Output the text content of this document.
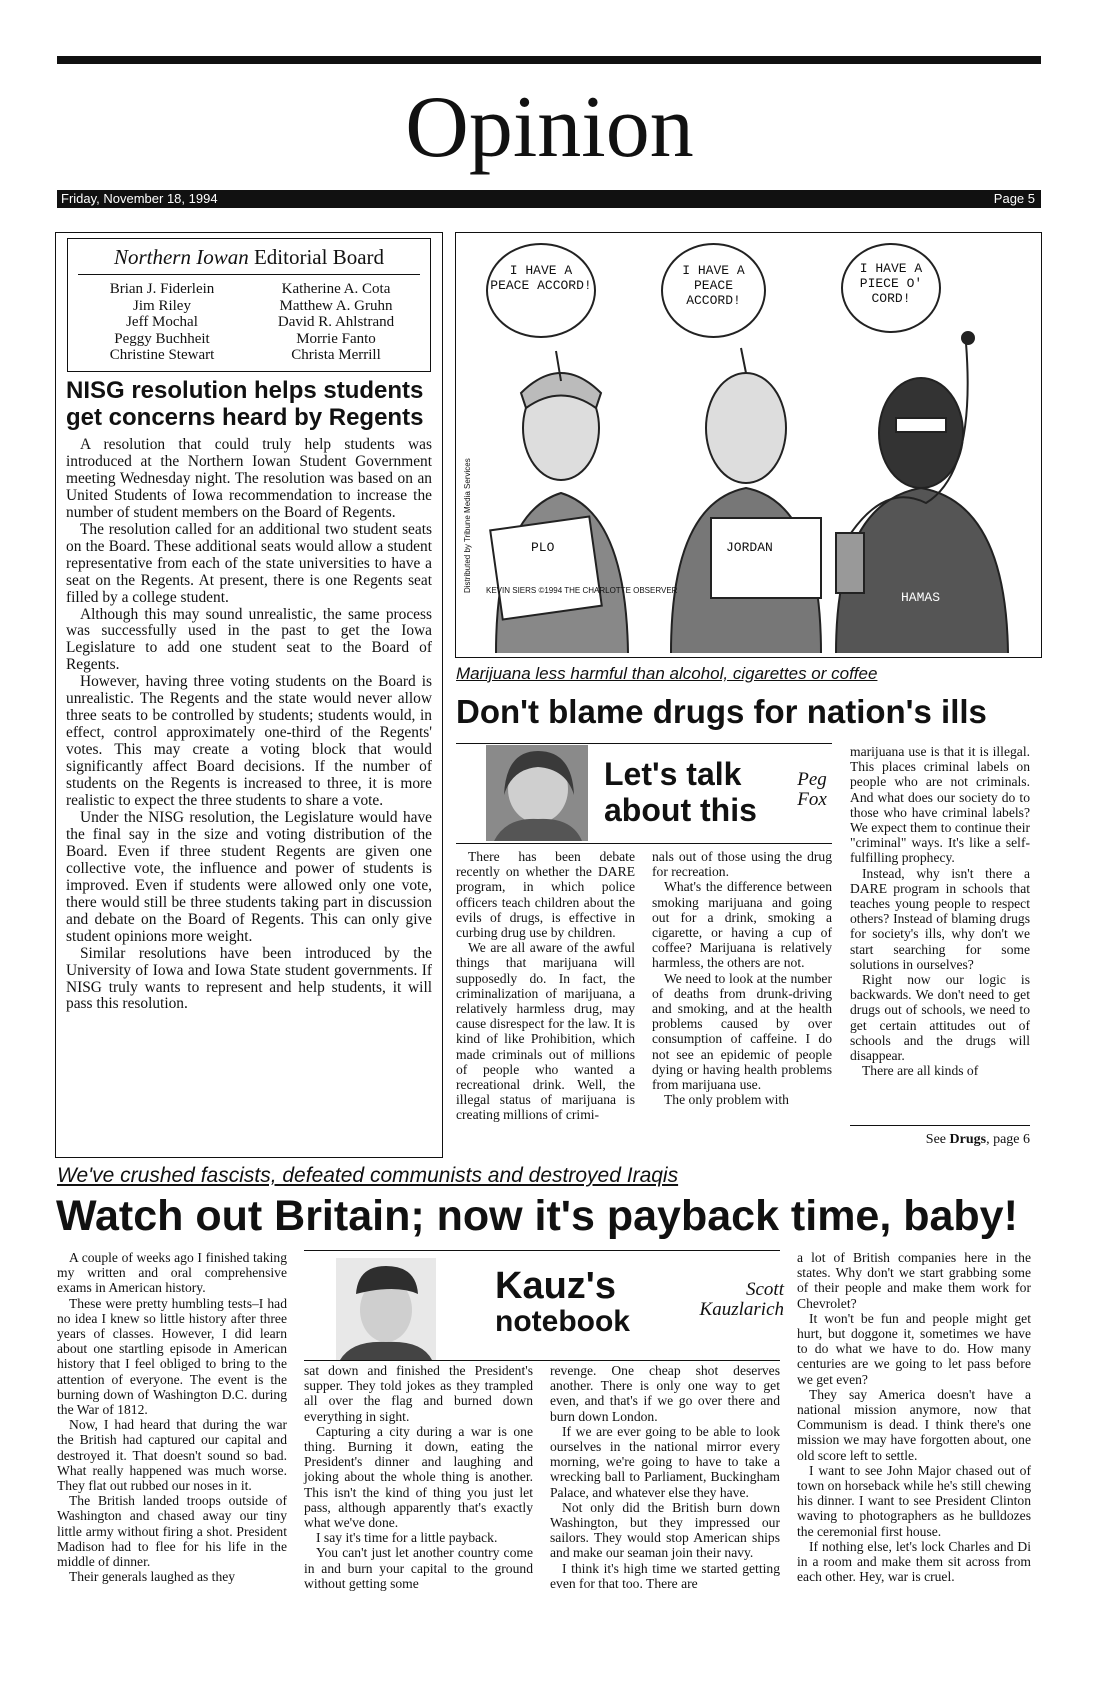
Opinion
Friday, November 18, 1994	Page 5
Northern Iowan Editorial Board
Brian J. Fiderlein
Jim Riley
Jeff Mochal
Peggy Buchheit
Christine Stewart
Katherine A. Cota
Matthew A. Gruhn
David R. Ahlstrand
Morrie Fanto
Christa Merrill
NISG resolution helps students get concerns heard by Regents

A resolution that could truly help students was introduced at the Northern Iowan Student Government meeting Wednesday night. The resolution was based on an United Students of Iowa recommendation to increase the number of student members on the Board of Regents.

The resolution called for an additional two student seats on the Board. These additional seats would allow a student representative from each of the state universities to have a seat on the Regents. At present, there is one Regents seat filled by a college student.

Although this may sound unrealistic, the same process was successfully used in the past to get the Iowa Legislature to add one student seat to the Board of Regents.

However, having three voting students on the Board is unrealistic. The Regents and the state would never allow three seats to be controlled by students; students would, in effect, control approximately one-third of the Regents' votes. This may create a voting block that would significantly affect Board decisions. If the number of students on the Regents is increased to three, it is more realistic to expect the three students to share a vote.

Under the NISG resolution, the Legislature would have the final say in the size and voting distribution of the Board. Even if three student Regents are given one collective vote, the influence and power of students is improved. Even if students were allowed only one vote, there would still be three students taking part in discussion and debate on the Board of Regents. This can only give student opinions more weight.

Similar resolutions have been introduced by the University of Iowa and Iowa State student governments. If NISG truly wants to represent and help students, it will pass this resolution.

Distributed by Tribune Media Services KEVIN SIERS ©1994 THE CHARLOTTE OBSERVER
PLO	JORDAN
HAMAS
I HAVE A PEACE ACCORD!
I HAVE A PEACE ACCORD!
I HAVE A PIECE O' CORD!
Marijuana less harmful than alcohol, cigarettes or coffee
Don't blame drugs for nation's ills
Let's talk
about this
Peg
Fox

There has been debate recently on whether the DARE program, in which police officers teach children about the evils of drugs, is effective in curbing drug use by children.

We are all aware of the awful things that marijuana will supposedly do. In fact, the criminalization of marijuana, a relatively harmless drug, may cause disrespect for the law. It is kind of like Prohibition, which made criminals out of millions of people who wanted a recreational drink. Well, the illegal status of marijuana is creating millions of crimi-

nals out of those using the drug for recreation.

What's the difference between smoking marijuana and going out for a drink, smoking a cigarette, or having a cup of coffee? Marijuana is relatively harmless, the others are not.

We need to look at the number of deaths from drunk-driving and smoking, and at the health problems caused by over consumption of caffeine. I do not see an epidemic of people dying or having health problems from marijuana use.

The only problem with

marijuana use is that it is illegal. This places criminal labels on people who are not criminals. And what does our society do to those who have criminal labels? We expect them to continue their "criminal" ways. It's like a self-fulfilling prophecy.

Instead, why isn't there a DARE program in schools that teaches young people to respect others? Instead of blaming drugs for society's ills, why don't we start searching for some solutions in ourselves?

Right now our logic is backwards. We don't need to get drugs out of schools, we need to get certain attitudes out of schools and the drugs will disappear.

There are all kinds of

See Drugs, page 6
We've crushed fascists, defeated communists and destroyed Iraqis
Watch out Britain; now it's payback time, baby!
Kauz's
notebook
Scott
Kauzlarich

A couple of weeks ago I finished taking my written and oral comprehensive exams in American history.

These were pretty humbling tests–I had no idea I knew so little history after three years of classes. However, I did learn about one startling episode in American history that I feel obliged to bring to the attention of everyone. The event is the burning down of Washington D.C. during the War of 1812.

Now, I had heard that during the war the British had captured our capital and destroyed it. That doesn't sound so bad. What really happened was much worse. They flat out rubbed our noses in it.

The British landed troops outside of Washington and chased away our tiny little army without firing a shot. President Madison had to flee for his life in the middle of dinner.

Their generals laughed as they

sat down and finished the President's supper. They told jokes as they trampled all over the flag and burned down everything in sight.

Capturing a city during a war is one thing. Burning it down, eating the President's dinner and laughing and joking about the whole thing is another. This isn't the kind of thing you just let pass, although apparently that's exactly what we've done.

I say it's time for a little payback.

You can't just let another country come in and burn your capital to the ground without getting some

revenge. One cheap shot deserves another. There is only one way to get even, and that's if we go over there and burn down London.

If we are ever going to be able to look ourselves in the national mirror every morning, we're going to have to take a wrecking ball to Parliament, Buckingham Palace, and whatever else they have.

Not only did the British burn down Washington, but they impressed our sailors. They would stop American ships and make our seaman join their navy.

I think it's high time we started getting even for that too. There are

a lot of British companies here in the states. Why don't we start grabbing some of their people and make them work for Chevrolet?

It won't be fun and people might get hurt, but doggone it, sometimes we have to do what we have to do. How many centuries are we going to let pass before we get even?

They say America doesn't have a national mission anymore, now that Communism is dead. I think there's one mission we may have forgotten about, one old score left to settle.

I want to see John Major chased out of town on horseback while he's still chewing his dinner. I want to see President Clinton waving to photographers as he bulldozes the ceremonial first house.

If nothing else, let's lock Charles and Di in a room and make them sit across from each other. Hey, war is cruel.
